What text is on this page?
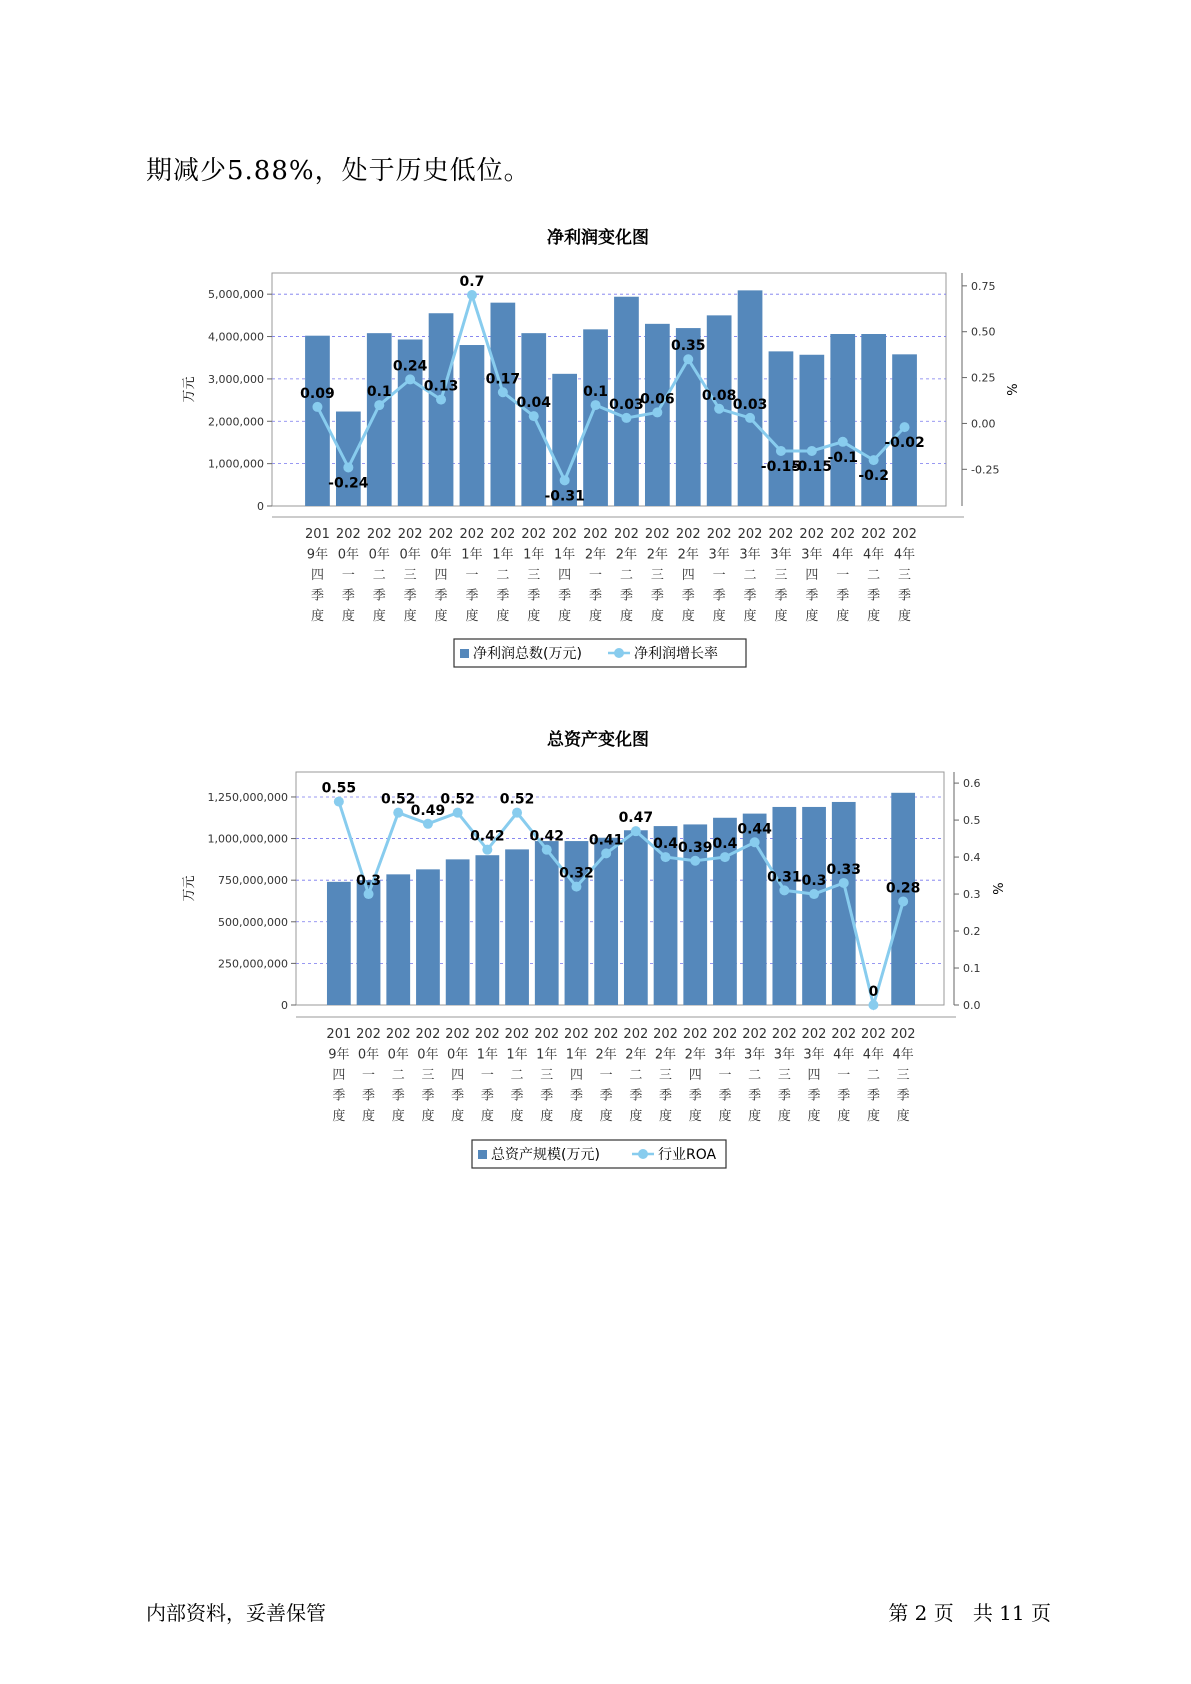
期减少5.88%，处于历史低位。
净利润变化图
0
1,000,000
2,000,000
3,000,000
4,000,000
5,000,000
-0.25
0.00
0.25
0.50
0.75
万元	%
201
9年
四
季
度
202
0年
一
季
度
202
0年
二
季
度
202
0年
三
季
度
202
0年
四
季
度
202
1年
一
季
度
202
1年
二
季
度
202
1年
三
季
度
202
1年
四
季
度
202
2年
一
季
度
202
2年
二
季
度
202
2年
三
季
度
202
2年
四
季
度
202
3年
一
季
度
202
3年
二
季
度
202
3年
三
季
度
202
3年
四
季
度
202
4年
一
季
度
202
4年
二
季
度
202
4年
三
季
度
0.09
-0.24
0.1
0.24
0.13
0.7
0.17
0.04
-0.31
0.1
0.03
0.06
0.35
0.08
0.03
-0.15
-0.15
-0.1
-0.2
-0.02
净利润总数(万元)	净利润增长率
总资产变化图
0
250,000,000
500,000,000
750,000,000
1,000,000,000
1,250,000,000
0.0
0.1
0.2
0.3
0.4
0.5
0.6
万元	%
201
9年
四
季
度
202
0年
一
季
度
202
0年
二
季
度
202
0年
三
季
度
202
0年
四
季
度
202
1年
一
季
度
202
1年
二
季
度
202
1年
三
季
度
202
1年
四
季
度
202
2年
一
季
度
202
2年
二
季
度
202
2年
三
季
度
202
2年
四
季
度
202
3年
一
季
度
202
3年
二
季
度
202
3年
三
季
度
202
3年
四
季
度
202
4年
一
季
度
202
4年
二
季
度
202
4年
三
季
度
0.55
0.3
0.52
0.49
0.52
0.42
0.52
0.42
0.32
0.41
0.47
0.4 0.39 0.4
0.44
0.31 0.3
0.33
0
0.28
总资产规模(万元)	行业ROA
内部资料，妥善保管	第 2 页   共 11 页
